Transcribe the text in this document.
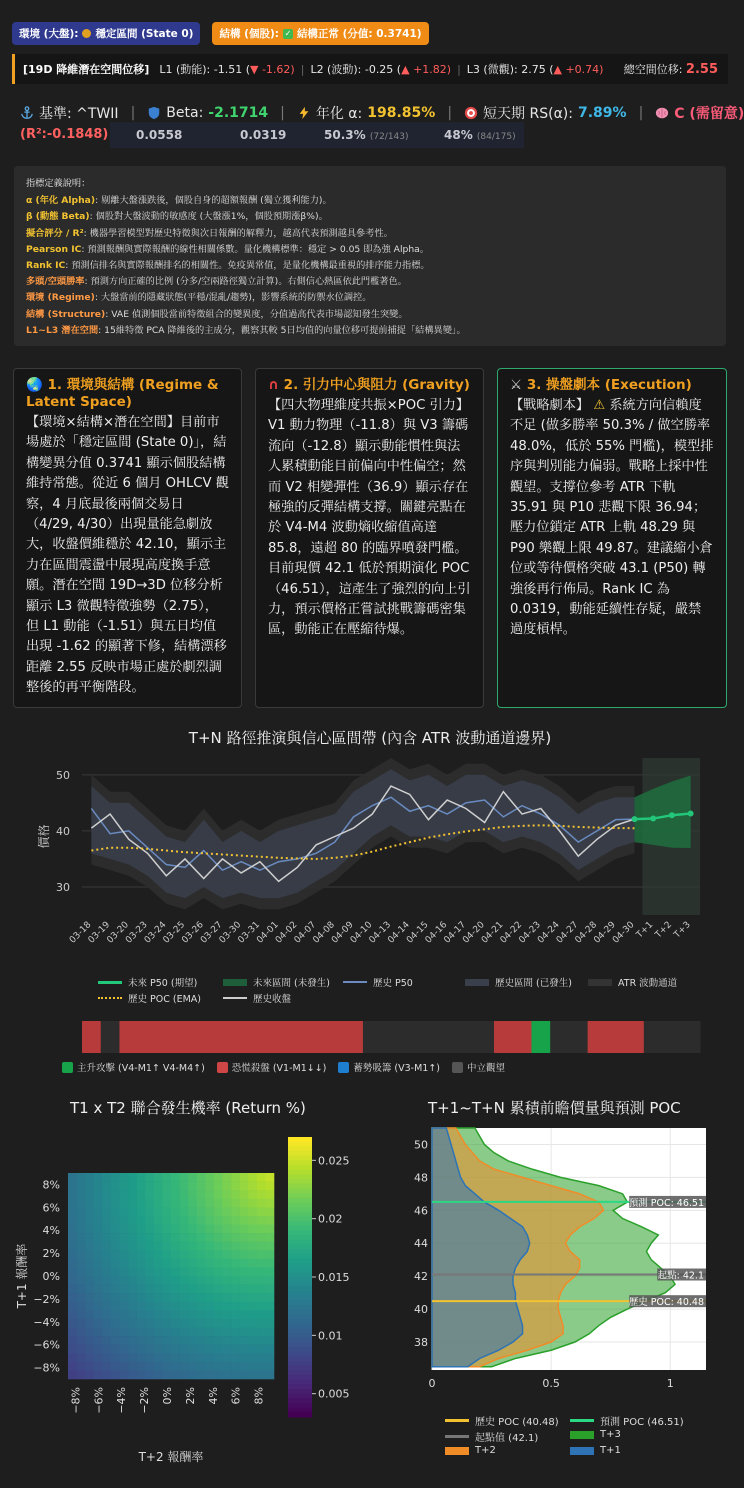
環境 (大盤): 穩定區間 (State 0) 結構 (個股): ✓ 結構正常 (分值: 0.3741)
[19D 降維潛在空間位移] L1 (動能): -1.51 ( ▼ -1.62) | L2 (波動): -0.25 ( ▲ +1.82) | L3 (微觀): 2.75 ( ▲ +0.74) 總空間位移: 2.55
基準: ^TWII | Beta: -2.1714 | 年化 α: 198.85% | 短天期 RS(α): 7.89% | C (需留意)
(R²:-0.1848) 0.0558	0.0319	50.3% (72/143)	48% (84/175)
指標定義說明：
α (年化 Alpha): 剔離大盤漲跌後，個股自身的超額報酬 (獨立獲利能力)。
β (動態 Beta): 個股對大盤波動的敏感度 (大盤漲1%，個股預期漲β%)。
擬合評分 / R²: 機器學習模型對歷史特徵與次日報酬的解釋力，越高代表預測越具參考性。
Pearson IC: 預測報酬與實際報酬的線性相關係數。量化機構標準：穩定 > 0.05 即為強 Alpha。
Rank IC: 預測信排名與實際報酬排名的相關性。免疫異常值，是量化機構最重視的排序能力指標。
多頭/空頭勝率: 預測方向正確的比例 (分多/空兩路徑獨立計算)。右側信心熱區依此門檻著色。
環境 (Regime): 大盤當前的隱藏狀態(平穩/混亂/趨勢)，影響系統的防禦水位調控。
結構 (Structure): VAE 偵測個股當前特徵組合的變異度，分值過高代表市場認知發生突變。
L1~L3 潛在空間: 15維特徵 PCA 降維後的主成分，觀察其較 5日均值的向量位移可提前捕捉「結構異變」。
🌏 1. 環境與結構 (Regime & Latent Space)
【環境×結構×潛在空間】目前市場處於「穩定區間 (State 0)」，結構變異分值 0.3741 顯示個股結構維持常態。從近 6 個月 OHLCV 觀察，4 月底最後兩個交易日（4/29, 4/30）出現量能急劇放大，收盤價維穩於 42.10，顯示主力在區間震盪中展現高度換手意願。潛在空間 19D→3D 位移分析顯示 L3 微觀特徵強勢（2.75），但 L1 動能（-1.51）與五日均值出現 -1.62 的顯著下修，結構漂移距離 2.55 反映市場正處於劇烈調整後的再平衡階段。
∩ 2. 引力中心與阻力 (Gravity)
【四大物理維度共振×POC 引力】V1 動力物理（-11.8）與 V3 籌碼流向（-12.8）顯示動能慣性與法人累積動能目前偏向中性偏空；然而 V2 相變彈性（36.9）顯示存在極強的反彈結構支撐。關鍵亮點在於 V4-M4 波動熵收縮值高達 85.8，遠超 80 的臨界噴發門檻。目前現價 42.1 低於預期演化 POC（46.51），這產生了強烈的向上引力，預示價格正嘗試挑戰籌碼密集區，動能正在壓縮待爆。
⚔ 3. 操盤劇本 (Execution)
【戰略劇本】 ⚠ 系統方向信賴度不足 (做多勝率 50.3% / 做空勝率 48.0%，低於 55% 門檻)，模型排序與判別能力偏弱。戰略上採中性觀望。支撐位參考 ATR 下軌 35.91 與 P10 悲觀下限 36.94；壓力位鎖定 ATR 上軌 48.29 與 P90 樂觀上限 49.87。建議縮小倉位或等待價格突破 43.1 (P50) 轉強後再行佈局。Rank IC 為 0.0319，動能延續性存疑，嚴禁過度槓桿。
T+N 路徑推演與信心區間帶 (內含 ATR 波動通道邊界)
30
40
50
價格
03-18
03-19
03-20
03-23
03-24
03-25
03-26
03-27
03-30
03-31
04-01
04-02
04-07
04-08
04-09
04-10
04-13
04-14
04-15
04-16
04-17
04-20
04-21
04-22
04-23
04-24
04-27
04-28
04-29
04-30
T+1
T+2
T+3
未來 P50 (期望)	未來區間 (未發生)	歷史 P50	歷史區間 (已發生)	ATR 波動通道
歷史 POC (EMA)	歷史收盤
主升攻擊 (V4-M1↑ V4-M4↑)	恐慌殺盤 (V1-M1↓↓)	蓄勢吸籌 (V3-M1↑)	中立觀望
T1 x T2 聯合發生機率 (Return %)
8%
6%
4%
2%
0%
−2%
−4%
−6%
−8%
−8% −6% −4% −2% 0% 2% 4% 6% 8%
T+2 報酬率
T+1 報酬率
0.005
0.01
0.015
0.02
0.025
T+1~T+N 累積前瞻價量與預測 POC
預測 POC: 46.51
起點: 42.1
歷史 POC: 40.48
38
40
42
44
46
48
50
0	0.5	1
歷史 POC (40.48)	預測 POC (46.51)
起點值 (42.1)	T+3
T+2	T+1
